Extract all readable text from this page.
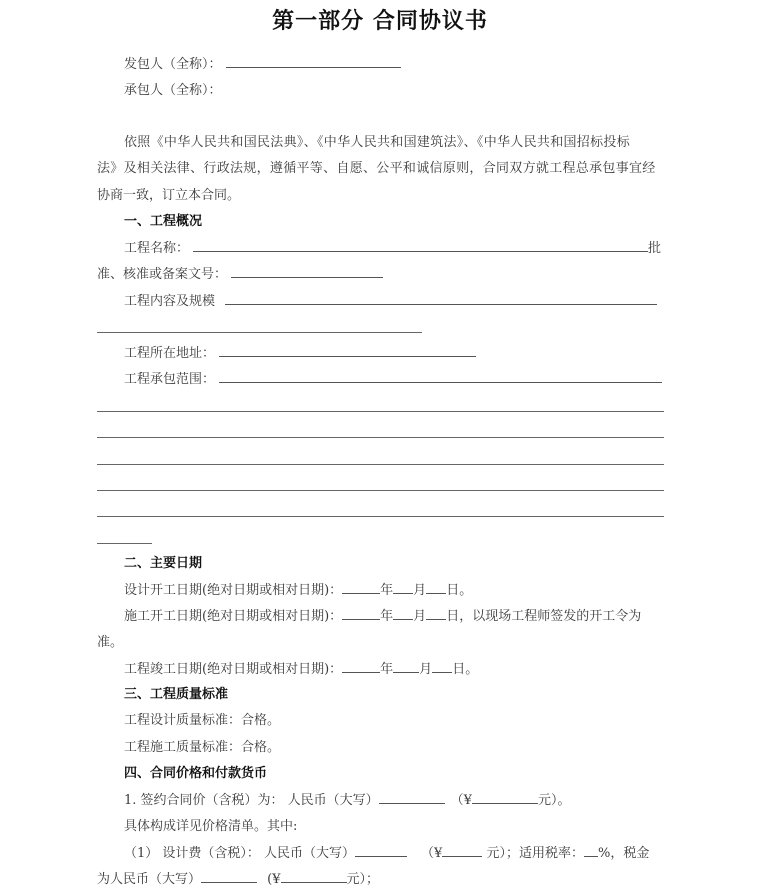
第一部分 合同协议书
发包人（全称）：
承包人（全称）：
依照《中华人民共和国民法典》、《中华人民共和国建筑法》、《中华人民共和国招标投标
法》及相关法律、行政法规，遵循平等、自愿、公平和诚信原则，合同双方就工程总承包事宜经
协商一致，订立本合同。
一、工程概况
工程名称：	批
准、核准或备案文号：
工程内容及规模
工程所在地址：
工程承包范围：
二、主要日期
设计开工日期(绝对日期或相对日期)：	年 月 日。
施工开工日期(绝对日期或相对日期)：	年 月 日，以现场工程师签发的开工令为
准。
工程竣工日期(绝对日期或相对日期)：	年 月 日。
三、工程质量标准
工程设计质量标准：合格。
工程施工质量标准：合格。
四、合同价格和付款货币
1. 签约合同价（含税）为： 人民币（大写）	（¥	元）。
具体构成详见价格清单。其中:
（1） 设计费（含税）： 人民币（大写）	（¥	元）；适用税率： %，税金
为人民币（大写）	(¥	元）；
